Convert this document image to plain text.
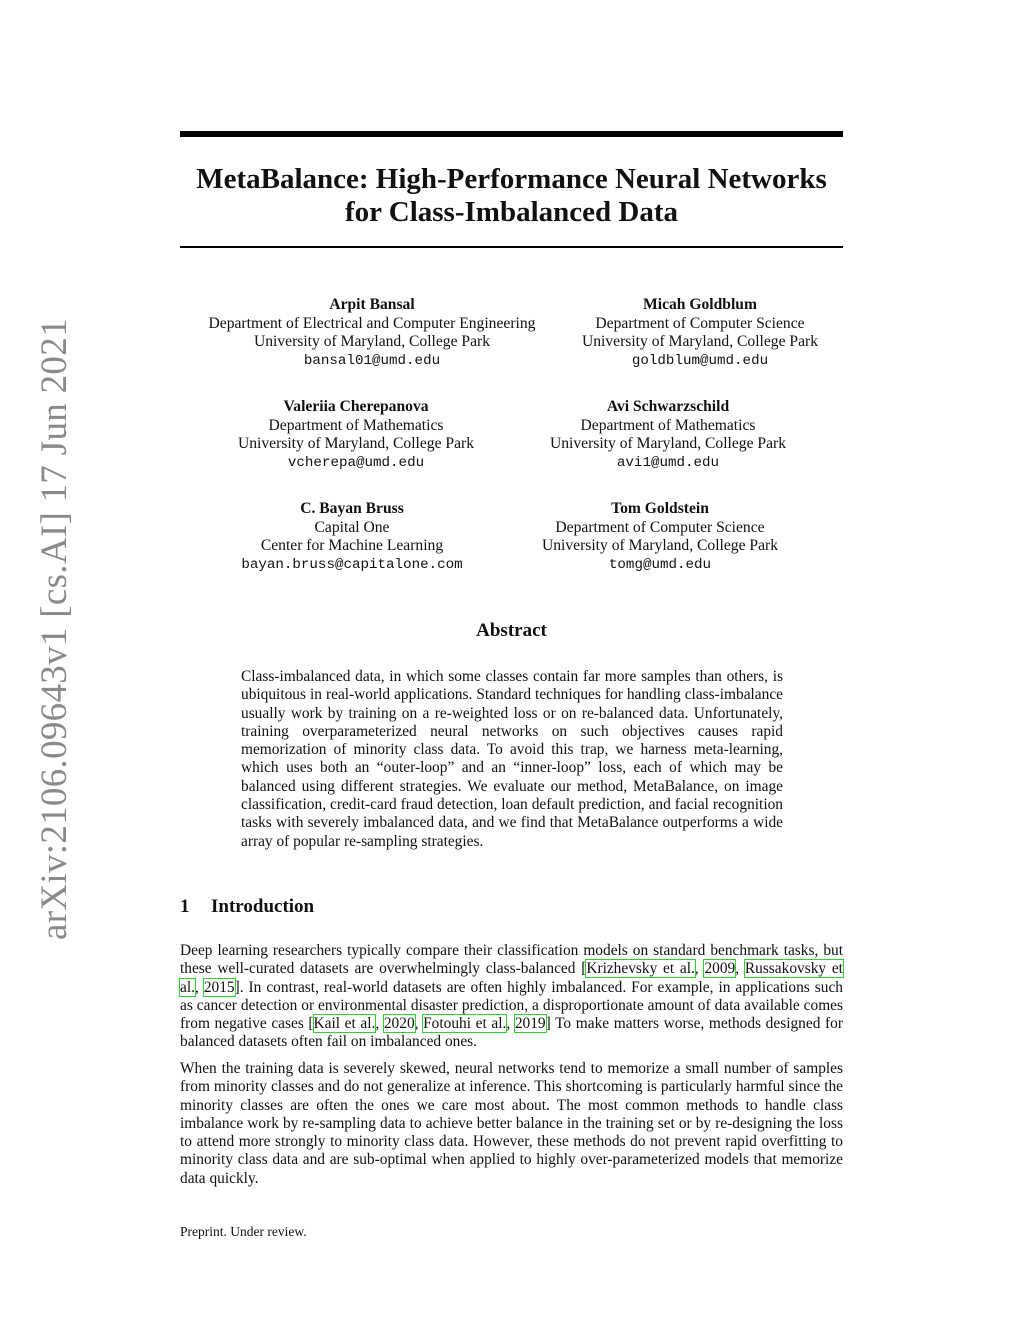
arXiv:2106.09643v1 [cs.AI] 17 Jun 2021
MetaBalance: High-Performance Neural Networks
for Class-Imbalanced Data
Arpit Bansal
Department of Electrical and Computer Engineering
University of Maryland, College Park
bansal01@umd.edu
Micah Goldblum
Department of Computer Science
University of Maryland, College Park
goldblum@umd.edu
Valeriia Cherepanova
Department of Mathematics
University of Maryland, College Park
vcherepa@umd.edu
Avi Schwarzschild
Department of Mathematics
University of Maryland, College Park
avi1@umd.edu
C. Bayan Bruss
Capital One
Center for Machine Learning
bayan.bruss@capitalone.com
Tom Goldstein
Department of Computer Science
University of Maryland, College Park
tomg@umd.edu
Abstract
Class-imbalanced data, in which some classes contain far more samples than others, is ubiquitous in real-world applications. Standard techniques for handling class-imbalance usually work by training on a re-weighted loss or on re-balanced data. Unfortunately, training overparameterized neural networks on such objectives causes rapid memorization of minority class data. To avoid this trap, we harness meta-learning, which uses both an “outer-loop” and an “inner-loop” loss, each of which may be balanced using different strategies. We evaluate our method, MetaBalance, on image classification, credit-card fraud detection, loan default prediction, and facial recognition tasks with severely imbalanced data, and we find that MetaBalance outperforms a wide array of popular re-sampling strategies.
1 Introduction
Deep learning researchers typically compare their classification models on standard benchmark tasks, but these well-curated datasets are overwhelmingly class-balanced [Krizhevsky et al., 2009, Russakovsky et al., 2015]. In contrast, real-world datasets are often highly imbalanced. For example, in applications such as cancer detection or environmental disaster prediction, a disproportionate amount of data available comes from negative cases [Kail et al., 2020, Fotouhi et al., 2019] To make matters worse, methods designed for balanced datasets often fail on imbalanced ones.
When the training data is severely skewed, neural networks tend to memorize a small number of samples from minority classes and do not generalize at inference. This shortcoming is particularly harmful since the minority classes are often the ones we care most about. The most common methods to handle class imbalance work by re-sampling data to achieve better balance in the training set or by re-designing the loss to attend more strongly to minority class data. However, these methods do not prevent rapid overfitting to minority class data and are sub-optimal when applied to highly over-parameterized models that memorize data quickly.
Preprint. Under review.
